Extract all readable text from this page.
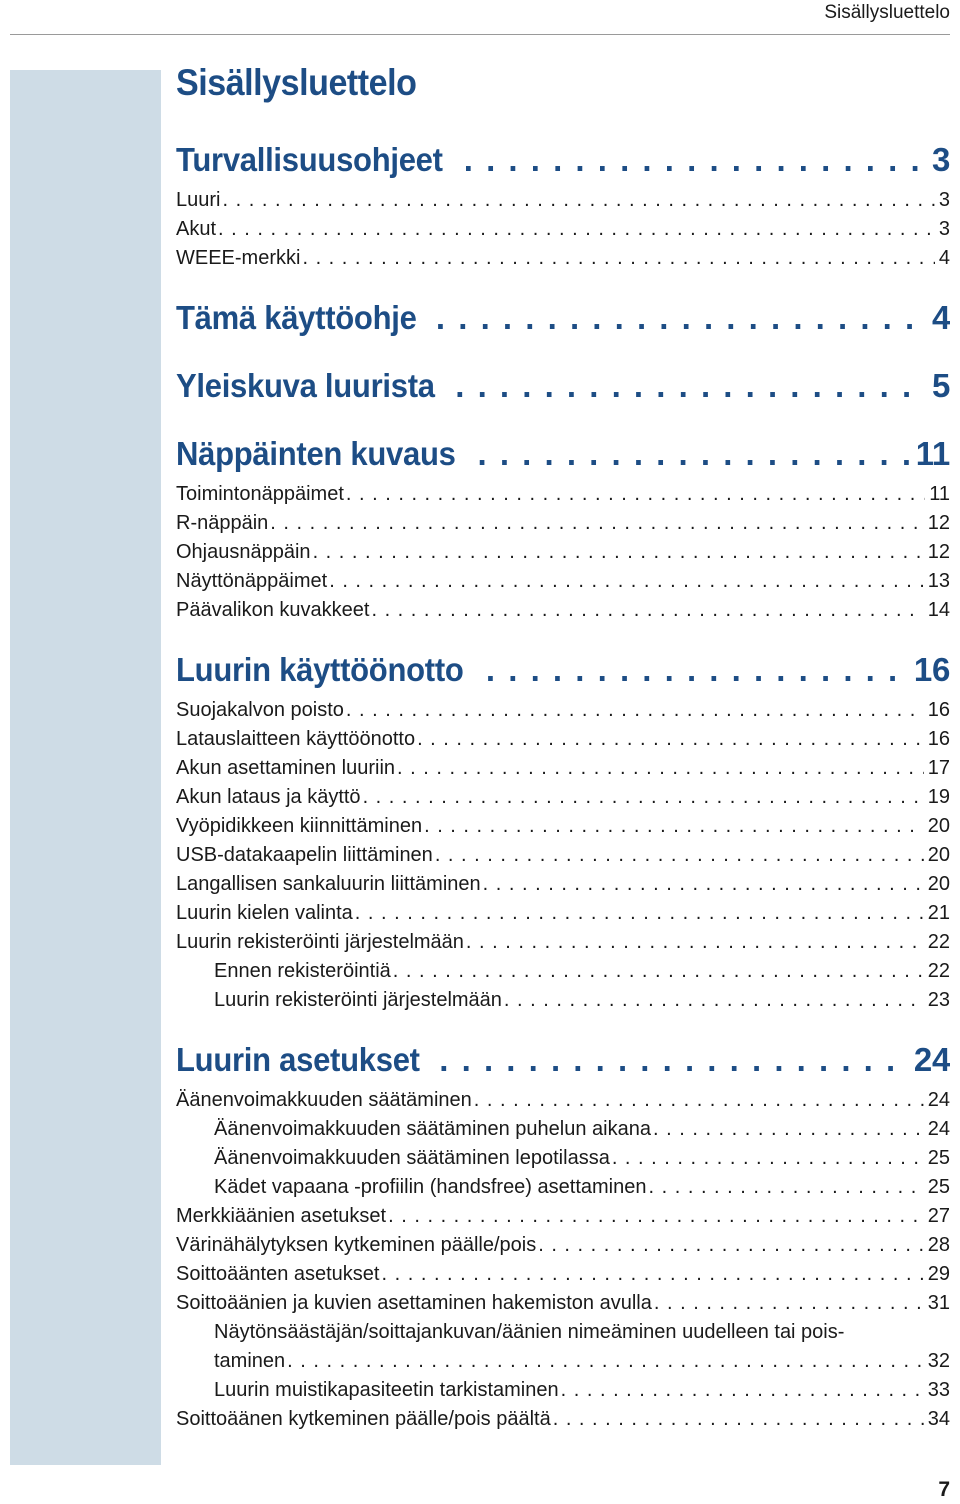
Sisällysluettelo
Sisällysluettelo
Turvallisuusohjeet . . .	3
Luuri . . .	3
Akut . . .	3
WEEE-merkki . . .	4
Tämä käyttöohje . . .	4
Yleiskuva luurista . . .	5
Näppäinten kuvaus . . .	11
Toimintonäppäimet . . .	11
R-näppäin . . .	12
Ohjausnäppäin . . .	12
Näyttönäppäimet . . .	13
Päävalikon kuvakkeet . . .	14
Luurin käyttöönotto . . .	16
Suojakalvon poisto . . .	16
Latauslaitteen käyttöönotto . . .	16
Akun asettaminen luuriin . . .	17
Akun lataus ja käyttö . . .	19
Vyöpidikkeen kiinnittäminen . . .	20
USB-datakaapelin liittäminen . . .	20
Langallisen sankaluurin liittäminen . . .	20
Luurin kielen valinta . . .	21
Luurin rekisteröinti järjestelmään . . .	22
Ennen rekisteröintiä . . .	22
Luurin rekisteröinti järjestelmään . . .	23
Luurin asetukset . . .	24
Äänenvoimakkuuden säätäminen . . .	24
Äänenvoimakkuuden säätäminen puhelun aikana . . .	24
Äänenvoimakkuuden säätäminen lepotilassa . . .	25
Kädet vapaana -profiilin (handsfree) asettaminen . . .	25
Merkkiäänien asetukset . . .	27
Värinähälytyksen kytkeminen päälle/pois . . .	28
Soittoäänten asetukset . . .	29
Soittoäänien ja kuvien asettaminen hakemiston avulla . . .	31
Näytönsäästäjän/soittajankuvan/äänien nimeäminen uudelleen tai pois-
taminen . . .	32
Luurin muistikapasiteetin tarkistaminen . . .	33
Soittoäänen kytkeminen päälle/pois päältä . . .	34
7
